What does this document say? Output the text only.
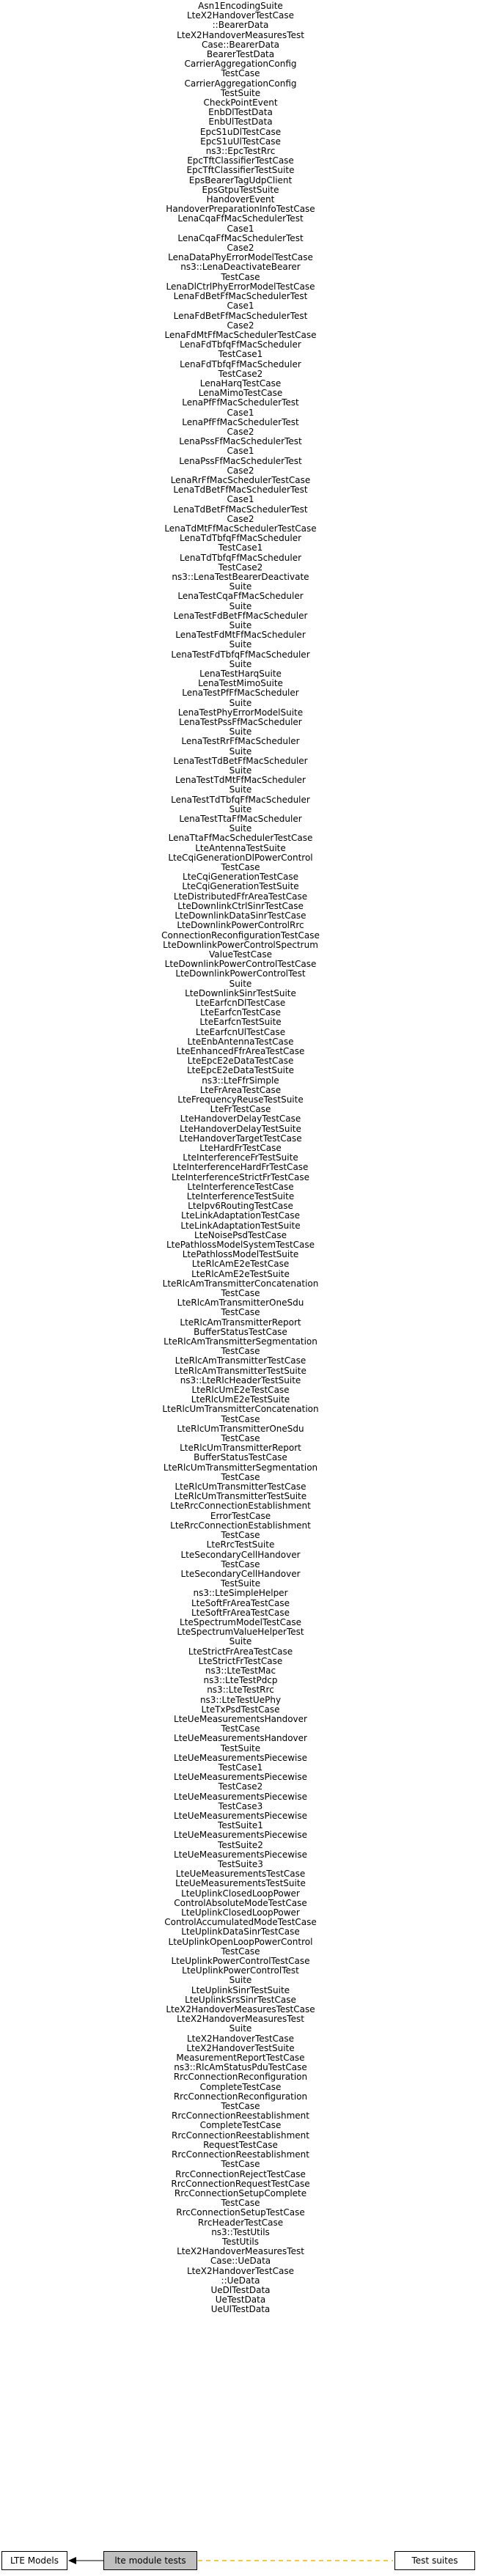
Asn1EncodingSuite
LteX2HandoverTestCase
::BearerData
LteX2HandoverMeasuresTest
Case::BearerData
BearerTestData
CarrierAggregationConfig
TestCase
CarrierAggregationConfig
TestSuite
CheckPointEvent
EnbDlTestData
EnbUlTestData
EpcS1uDlTestCase
EpcS1uUlTestCase
ns3::EpcTestRrc
EpcTftClassifierTestCase
EpcTftClassifierTestSuite
EpsBearerTagUdpClient
EpsGtpuTestSuite
HandoverEvent
HandoverPreparationInfoTestCase
LenaCqaFfMacSchedulerTest
Case1
LenaCqaFfMacSchedulerTest
Case2
LenaDataPhyErrorModelTestCase
ns3::LenaDeactivateBearer
TestCase
LenaDlCtrlPhyErrorModelTestCase
LenaFdBetFfMacSchedulerTest
Case1
LenaFdBetFfMacSchedulerTest
Case2
LenaFdMtFfMacSchedulerTestCase
LenaFdTbfqFfMacScheduler
TestCase1
LenaFdTbfqFfMacScheduler
TestCase2
LenaHarqTestCase
LenaMimoTestCase
LenaPfFfMacSchedulerTest
Case1
LenaPfFfMacSchedulerTest
Case2
LenaPssFfMacSchedulerTest
Case1
LenaPssFfMacSchedulerTest
Case2
LenaRrFfMacSchedulerTestCase
LenaTdBetFfMacSchedulerTest
Case1
LenaTdBetFfMacSchedulerTest
Case2
LenaTdMtFfMacSchedulerTestCase
LenaTdTbfqFfMacScheduler
TestCase1
LenaTdTbfqFfMacScheduler
TestCase2
ns3::LenaTestBearerDeactivate
Suite
LenaTestCqaFfMacScheduler
Suite
LenaTestFdBetFfMacScheduler
Suite
LenaTestFdMtFfMacScheduler
Suite
LenaTestFdTbfqFfMacScheduler
Suite
LenaTestHarqSuite
LenaTestMimoSuite
LenaTestPfFfMacScheduler
Suite
LenaTestPhyErrorModelSuite
LenaTestPssFfMacScheduler
Suite
LenaTestRrFfMacScheduler
Suite
LenaTestTdBetFfMacScheduler
Suite
LenaTestTdMtFfMacScheduler
Suite
LenaTestTdTbfqFfMacScheduler
Suite
LenaTestTtaFfMacScheduler
Suite
LenaTtaFfMacSchedulerTestCase
LteAntennaTestSuite
LteCqiGenerationDlPowerControl
TestCase
LteCqiGenerationTestCase
LteCqiGenerationTestSuite
LteDistributedFfrAreaTestCase
LteDownlinkCtrlSinrTestCase
LteDownlinkDataSinrTestCase
LteDownlinkPowerControlRrc
ConnectionReconfigurationTestCase
LteDownlinkPowerControlSpectrum
ValueTestCase
LteDownlinkPowerControlTestCase
LteDownlinkPowerControlTest
Suite
LteDownlinkSinrTestSuite
LteEarfcnDlTestCase
LteEarfcnTestCase
LteEarfcnTestSuite
LteEarfcnUlTestCase
LteEnbAntennaTestCase
LteEnhancedFfrAreaTestCase
LteEpcE2eDataTestCase
LteEpcE2eDataTestSuite
ns3::LteFfrSimple
LteFrAreaTestCase
LteFrequencyReuseTestSuite
LteFrTestCase
LteHandoverDelayTestCase
LteHandoverDelayTestSuite
LteHandoverTargetTestCase
LteHardFrTestCase
LteInterferenceFrTestSuite
LteInterferenceHardFrTestCase
LteInterferenceStrictFrTestCase
LteInterferenceTestCase
LteInterferenceTestSuite
LteIpv6RoutingTestCase
LteLinkAdaptationTestCase
LteLinkAdaptationTestSuite
LteNoisePsdTestCase
LtePathlossModelSystemTestCase
LtePathlossModelTestSuite
LteRlcAmE2eTestCase
LteRlcAmE2eTestSuite
LteRlcAmTransmitterConcatenation
TestCase
LteRlcAmTransmitterOneSdu
TestCase
LteRlcAmTransmitterReport
BufferStatusTestCase
LteRlcAmTransmitterSegmentation
TestCase
LteRlcAmTransmitterTestCase
LteRlcAmTransmitterTestSuite
ns3::LteRlcHeaderTestSuite
LteRlcUmE2eTestCase
LteRlcUmE2eTestSuite
LteRlcUmTransmitterConcatenation
TestCase
LteRlcUmTransmitterOneSdu
TestCase
LteRlcUmTransmitterReport
BufferStatusTestCase
LteRlcUmTransmitterSegmentation
TestCase
LteRlcUmTransmitterTestCase
LteRlcUmTransmitterTestSuite
LteRrcConnectionEstablishment
ErrorTestCase
LteRrcConnectionEstablishment
TestCase
LteRrcTestSuite
LteSecondaryCellHandover
TestCase
LteSecondaryCellHandover
TestSuite
ns3::LteSimpleHelper
LteSoftFrAreaTestCase
LteSoftFrAreaTestCase
LteSpectrumModelTestCase
LteSpectrumValueHelperTest
Suite
LteStrictFrAreaTestCase
LteStrictFrTestCase
ns3::LteTestMac
ns3::LteTestPdcp
ns3::LteTestRrc
ns3::LteTestUePhy
LteTxPsdTestCase
LteUeMeasurementsHandover
TestCase
LteUeMeasurementsHandover
TestSuite
LteUeMeasurementsPiecewise
TestCase1
LteUeMeasurementsPiecewise
TestCase2
LteUeMeasurementsPiecewise
TestCase3
LteUeMeasurementsPiecewise
TestSuite1
LteUeMeasurementsPiecewise
TestSuite2
LteUeMeasurementsPiecewise
TestSuite3
LteUeMeasurementsTestCase
LteUeMeasurementsTestSuite
LteUplinkClosedLoopPower
ControlAbsoluteModeTestCase
LteUplinkClosedLoopPower
ControlAccumulatedModeTestCase
LteUplinkDataSinrTestCase
LteUplinkOpenLoopPowerControl
TestCase
LteUplinkPowerControlTestCase
LteUplinkPowerControlTest
Suite
LteUplinkSinrTestSuite
LteUplinkSrsSinrTestCase
LteX2HandoverMeasuresTestCase
LteX2HandoverMeasuresTest
Suite
LteX2HandoverTestCase
LteX2HandoverTestSuite
MeasurementReportTestCase
ns3::RlcAmStatusPduTestCase
RrcConnectionReconfiguration
CompleteTestCase
RrcConnectionReconfiguration
TestCase
RrcConnectionReestablishment
CompleteTestCase
RrcConnectionReestablishment
RequestTestCase
RrcConnectionReestablishment
TestCase
RrcConnectionRejectTestCase
RrcConnectionRequestTestCase
RrcConnectionSetupComplete
TestCase
RrcConnectionSetupTestCase
RrcHeaderTestCase
ns3::TestUtils
TestUtils
LteX2HandoverMeasuresTest
Case::UeData
LteX2HandoverTestCase
::UeData
UeDlTestData
UeTestData
UeUlTestData
LTE Models	lte module tests	Test suites
